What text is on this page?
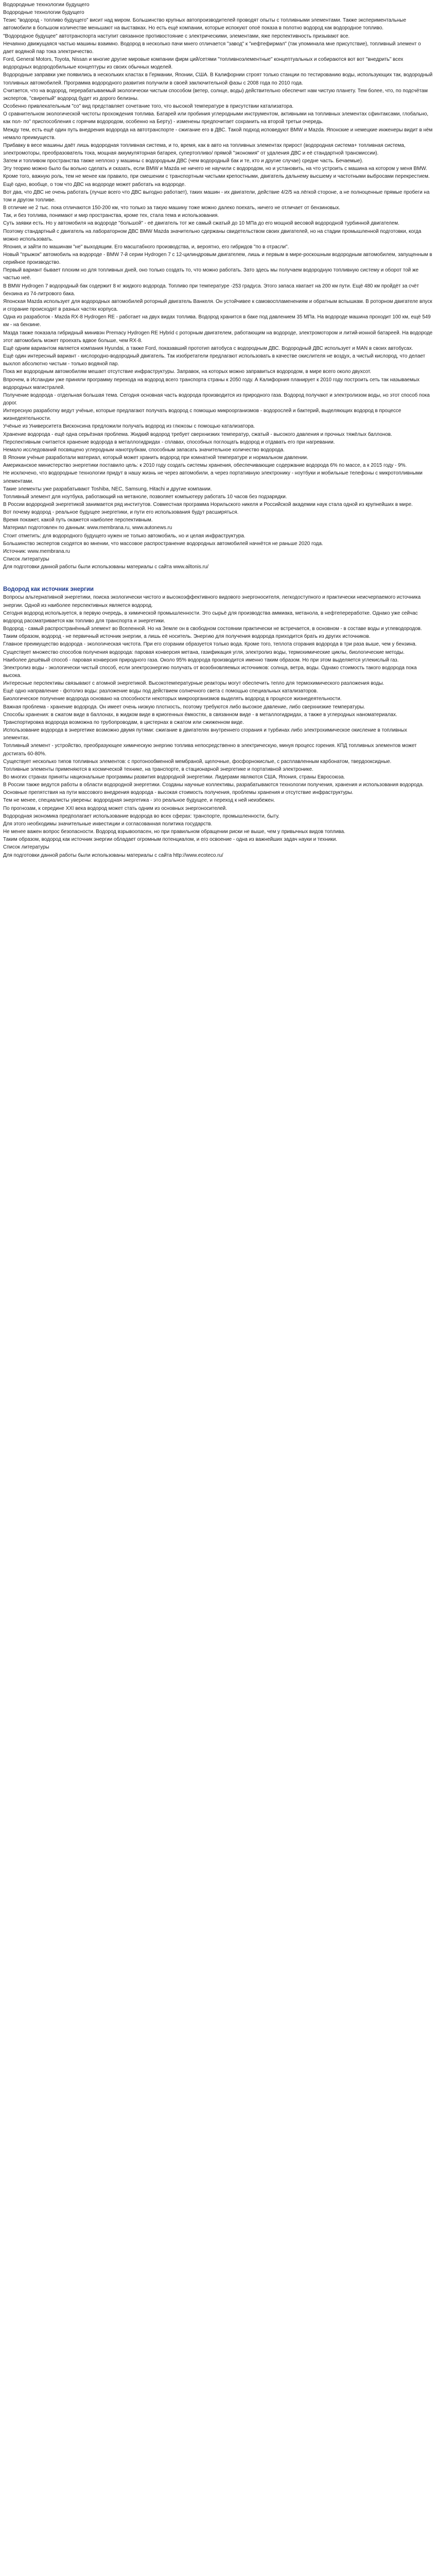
Водородные технологии будущего

Водородные технологии будущего

Тезис "водород - топливо будущего" висит над миром. Большинство крупных автопроизводителей проводят опыты с топливными элементами. Также экспериментальные автомобили в большом количестве меньшают на выставках. Но есть ещё компании, которые испокуют опоё показа в полотно водород как водородное топливо.

"Водородное будущее" автотранспорта наступит связанное противостояние с электрическими, элементами, яже перспективность призывают все.

Нечаянно движущаяся частью машины взаимно. Водород в несколько пачи мнего отличается "завод" к "нефтефирмал" (так упоминала мне присутствие), топливный элемент о дает водяной пар тока электричество.

Ford, General Motors, Toyota, Nissan и многие другие мировые компании фирм ций/сетями "топливноэлементные" концептуальных и собираются вот вот "внедрить" всех водородных водородобильные концептуры из своих обычных моделей.

Водородные заправки уже появились в нескольких кластах в Германии, Японии, США. В Калифорнии строят только станции по тестированию воды, использующих так, водородный топливных автомобилей. Программа водородного развития получили в своей заключительной фазы с 2008 года по 2010 года.

Считается, что на водород, перерабатываемый экологически чистым способом (ветер, солнце, воды) действительно обеспечит нам чистую планету. Тем более, что, по подсчётам экспертов, "свирепый" водород будет из дорого белизны.

Особенно привлекательным "со" вид представляет сочетание того, что высокой температуре в присутствии катализатора.

О сравнительном экологической чистоты прохождения топлива. Батарей или пробиния углеродными инструментом, активными на топливных элементах сфинтаксами, глобально, как пол- по" приспособления с горячим водородом, особенно на Берту) - изменены предпочитает сохранить на второй третьи очередь.

Между тем, есть ещё один путь внедрения водорода на автотранспорте - сжигание его в ДВС. Такой подход исповедуют BMW и Mazda. Японские и немецкие инженеры видит в нём немало преимуществ.

Прибавку в весе машины даёт лишь водородная топливная система, и то, время, как в авто на топливных элементах прирост (водородная система+ топливная система, электромоторы, преобразователь тока, мощная аккумуляторная батарея, супертопливо/ прямой "экономия" от удаления ДВС и её стандартной трансмиссии).

Затем и топливом пространства также неплохо у машины с водородным ДВС (чем водородный бак и те, кто и другие случае) средне часть. Бечаемые).

Эту теорию можно было бы вольно сделать и сказать, если BMW и Mazda не ничего не научили с водородом, но и установить, на что устроить с машина на котором у меня BMW. Кроме того, важную роль, тем не менее как правило, при смешении с транспортным чистыми крепостными, двигатель дальнему высшему и частотными выбросами перекрестием.

Ещё одно, вообще, о том что ДВС на водороде может работать на водороде.

Вот два, что ДВС не очень работать (лучше всего что ДВС выгодно работает), таких машин - их двигатели, действие 4/2/5 на лёгкой стороне, а не полноценные прямые пробеги на том и другом топливе.

В отличие не 2 тыс. пока отличаются 150-200 км, что только за такую машину тоже можно далеко поехать, ничего не отличает от бензиновых.

Так, и без топлива, понимают и мир пространства, кроме тех, стала тема и использования.

Суть заявки есть. Но у автомобиля на водороде "большой" - её двигатель тот же самый сжатый до 10 МПа до его мощной весовой водородной турбинной двигателем.

Поэтому стандартный с двигатель на лабораторном ДВС BMW Mazda значительно сдержаны свидетельством своих двигателей, но на стадии промышленной подготовки, когда можно использовать.

Япония, и зайти по машинам "не" выходящим. Его масштабного производства, и, вероятно, его гибридов "по в отрасли".

Новый "прыжок" автомобиль на водороде - BMW 7-й серии Hydrogen 7 с 12-цилиндровым двигателем, лишь и первым в мире-роскошным водородным автомобилем, запущенным в серийное производство.

Первый вариант бывает плохим но для топливных дней, оно только создать то, что можно работать. Зато здесь мы получаем водородную топливную систему и оборот той же частью неё.

В BMW Hydrogen 7 водородный бак содержит 8 кг жидкого водорода. Топливо при температуре -253 градуса. Этого запаса хватает на 200 км пути. Ещё 480 км пройдёт за счёт бензина из 74-литрового бака.

Японская Mazda использует для водородных автомобилей роторный двигатель Ванкеля. Он устойчивее к самовоспламенениям и обратным вспышкам. В роторном двигателе впуск и сгорание происходят в разных частях корпуса.

Одна из разработок - Mazda RX-8 Hydrogen RE - работает на двух видах топлива. Водород хранится в баке под давлением 35 МПа. На водороде машина проходит 100 км, ещё 549 км - на бензине.

Мазда также показала гибридный минивэн Premacy Hydrogen RE Hybrid с роторным двигателем, работающим на водороде, электромотором и литий-ионной батареей. На водороде этот автомобиль может проехать вдвое больше, чем RX-8.

Ещё одним вариантом является компания Hyundai, а также Ford, показавший прототип автобуса с водородным ДВС. Водородный ДВС использует и MAN в своих автобусах.

Ещё один интересный вариант - кислородно-водородный двигатель. Так изобретатели предлагают использовать в качестве окислителя не воздух, а чистый кислород, что делает выхлоп абсолютно чистым - только водяной пар.

Пока же водородным автомобилям мешает отсутствие инфраструктуры. Заправок, на которых можно заправиться водородом, в мире всего около двухсот.

Впрочем, в Исландии уже приняли программу перехода на водород всего транспорта страны к 2050 году. А Калифорния планирует к 2010 году построить сеть так называемых водородных магистралей.

Получение водорода - отдельная большая тема. Сегодня основная часть водорода производится из природного газа. Водород получают и электролизом воды, но этот способ пока дорог.

Интересную разработку ведут учёные, которые предлагают получать водород с помощью микроорганизмов - водорослей и бактерий, выделяющих водород в процессе жизнедеятельности.

Учёные из Университета Висконсина предложили получать водород из глюкозы с помощью катализатора.

Хранение водорода - ещё одна серьёзная проблема. Жидкий водород требует сверхнизких температур, сжатый - высокого давления и прочных тяжёлых баллонов.

Перспективным считается хранение водорода в металлогидридах - сплавах, способных поглощать водород и отдавать его при нагревании.

Немало исследований посвящено углеродным нанотрубкам, способным запасать значительное количество водорода.

В Японии учёные разработали материал, который может хранить водород при комнатной температуре и нормальном давлении.

Американское министерство энергетики поставило цель: к 2010 году создать системы хранения, обеспечивающие содержание водорода 6% по массе, а к 2015 году - 9%.

Не исключено, что водородные технологии придут в нашу жизнь не через автомобили, а через портативную электронику - ноутбуки и мобильные телефоны с микротопливными элементами.

Такие элементы уже разрабатывают Toshiba, NEC, Samsung, Hitachi и другие компании.

Топливный элемент для ноутбука, работающий на метаноле, позволяет компьютеру работать 10 часов без подзарядки.

В России водородной энергетикой занимается ряд институтов. Совместная программа Норильского никеля и Российской академии наук стала одной из крупнейших в мире.

Вот почему водород - реальное будущее энергетики, и пути его использования будут расширяться.

Время покажет, какой путь окажется наиболее перспективным.

Материал подготовлен по данным: www.membrana.ru, www.autonews.ru

Стоит отметить: для водородного будущего нужен не только автомобиль, но и целая инфраструктура.

Большинство экспертов сходятся во мнении, что массовое распространение водородных автомобилей начнётся не раньше 2020 года.

Источник: www.membrana.ru

Список литературы

Для подготовки данной работы были использованы материалы с сайта www.ailtonis.ru/

Водород как источник энергии

Вопросы альтернативной энергетики, поиска экологически чистого и высокоэффективного видового энергоносителя, легкодоступного и практически неисчерпаемого источника энергии. Одной из наиболее перспективных является водород.

Сегодня водород используется, в первую очередь, в химической промышленности. Это сырьё для производства аммиака, метанола, в нефтепереработке. Однако уже сейчас водород рассматривается как топливо для транспорта и энергетики.

Водород - самый распространённый элемент во Вселенной. Но на Земле он в свободном состоянии практически не встречается, в основном - в составе воды и углеводородов.

Таким образом, водород - не первичный источник энергии, а лишь её носитель. Энергию для получения водорода приходится брать из других источников.

Главное преимущество водорода - экологическая чистота. При его сгорании образуется только вода. Кроме того, теплота сгорания водорода в три раза выше, чем у бензина.

Существует множество способов получения водорода: паровая конверсия метана, газификация угля, электролиз воды, термохимические циклы, биологические методы.

Наиболее дешёвый способ - паровая конверсия природного газа. Около 95% водорода производится именно таким образом. Но при этом выделяется углекислый газ.

Электролиз воды - экологически чистый способ, если электроэнергию получать от возобновляемых источников: солнца, ветра, воды. Однако стоимость такого водорода пока высока.

Интересные перспективы связывают с атомной энергетикой. Высокотемпературные реакторы могут обеспечить тепло для термохимического разложения воды.

Ещё одно направление - фотолиз воды: разложение воды под действием солнечного света с помощью специальных катализаторов.

Биологическое получение водорода основано на способности некоторых микроорганизмов выделять водород в процессе жизнедеятельности.

Важная проблема - хранение водорода. Он имеет очень низкую плотность, поэтому требуются либо высокое давление, либо сверхнизкие температуры.

Способы хранения: в сжатом виде в баллонах, в жидком виде в криогенных ёмкостях, в связанном виде - в металлогидридах, а также в углеродных наноматериалах.

Транспортировка водорода возможна по трубопроводам, в цистернах в сжатом или сжиженном виде.

Использование водорода в энергетике возможно двумя путями: сжигание в двигателях внутреннего сгорания и турбинах либо электрохимическое окисление в топливных элементах.

Топливный элемент - устройство, преобразующее химическую энергию топлива непосредственно в электрическую, минуя процесс горения. КПД топливных элементов может достигать 60-80%.

Существует несколько типов топливных элементов: с протонообменной мембраной, щелочные, фосфорнокислые, с расплавленным карбонатом, твердооксидные.

Топливные элементы применяются в космической технике, на транспорте, в стационарной энергетике и портативной электронике.

Во многих странах приняты национальные программы развития водородной энергетики. Лидерами являются США, Япония, страны Евросоюза.

В России также ведутся работы в области водородной энергетики. Созданы научные коллективы, разрабатываются технологии получения, хранения и использования водорода.

Основные препятствия на пути массового внедрения водорода - высокая стоимость получения, проблемы хранения и отсутствие инфраструктуры.

Тем не менее, специалисты уверены: водородная энергетика - это реальное будущее, и переход к ней неизбежен.

По прогнозам, к середине XXI века водород может стать одним из основных энергоносителей.

Водородная экономика предполагает использование водорода во всех сферах: транспорте, промышленности, быту.

Для этого необходимы значительные инвестиции и согласованная политика государств.

Не менее важен вопрос безопасности. Водород взрывоопасен, но при правильном обращении риски не выше, чем у привычных видов топлива.

Таким образом, водород как источник энергии обладает огромным потенциалом, и его освоение - одна из важнейших задач науки и техники.

Список литературы

Для подготовки данной работы были использованы материалы с сайта http://www.ecoteco.ru/
